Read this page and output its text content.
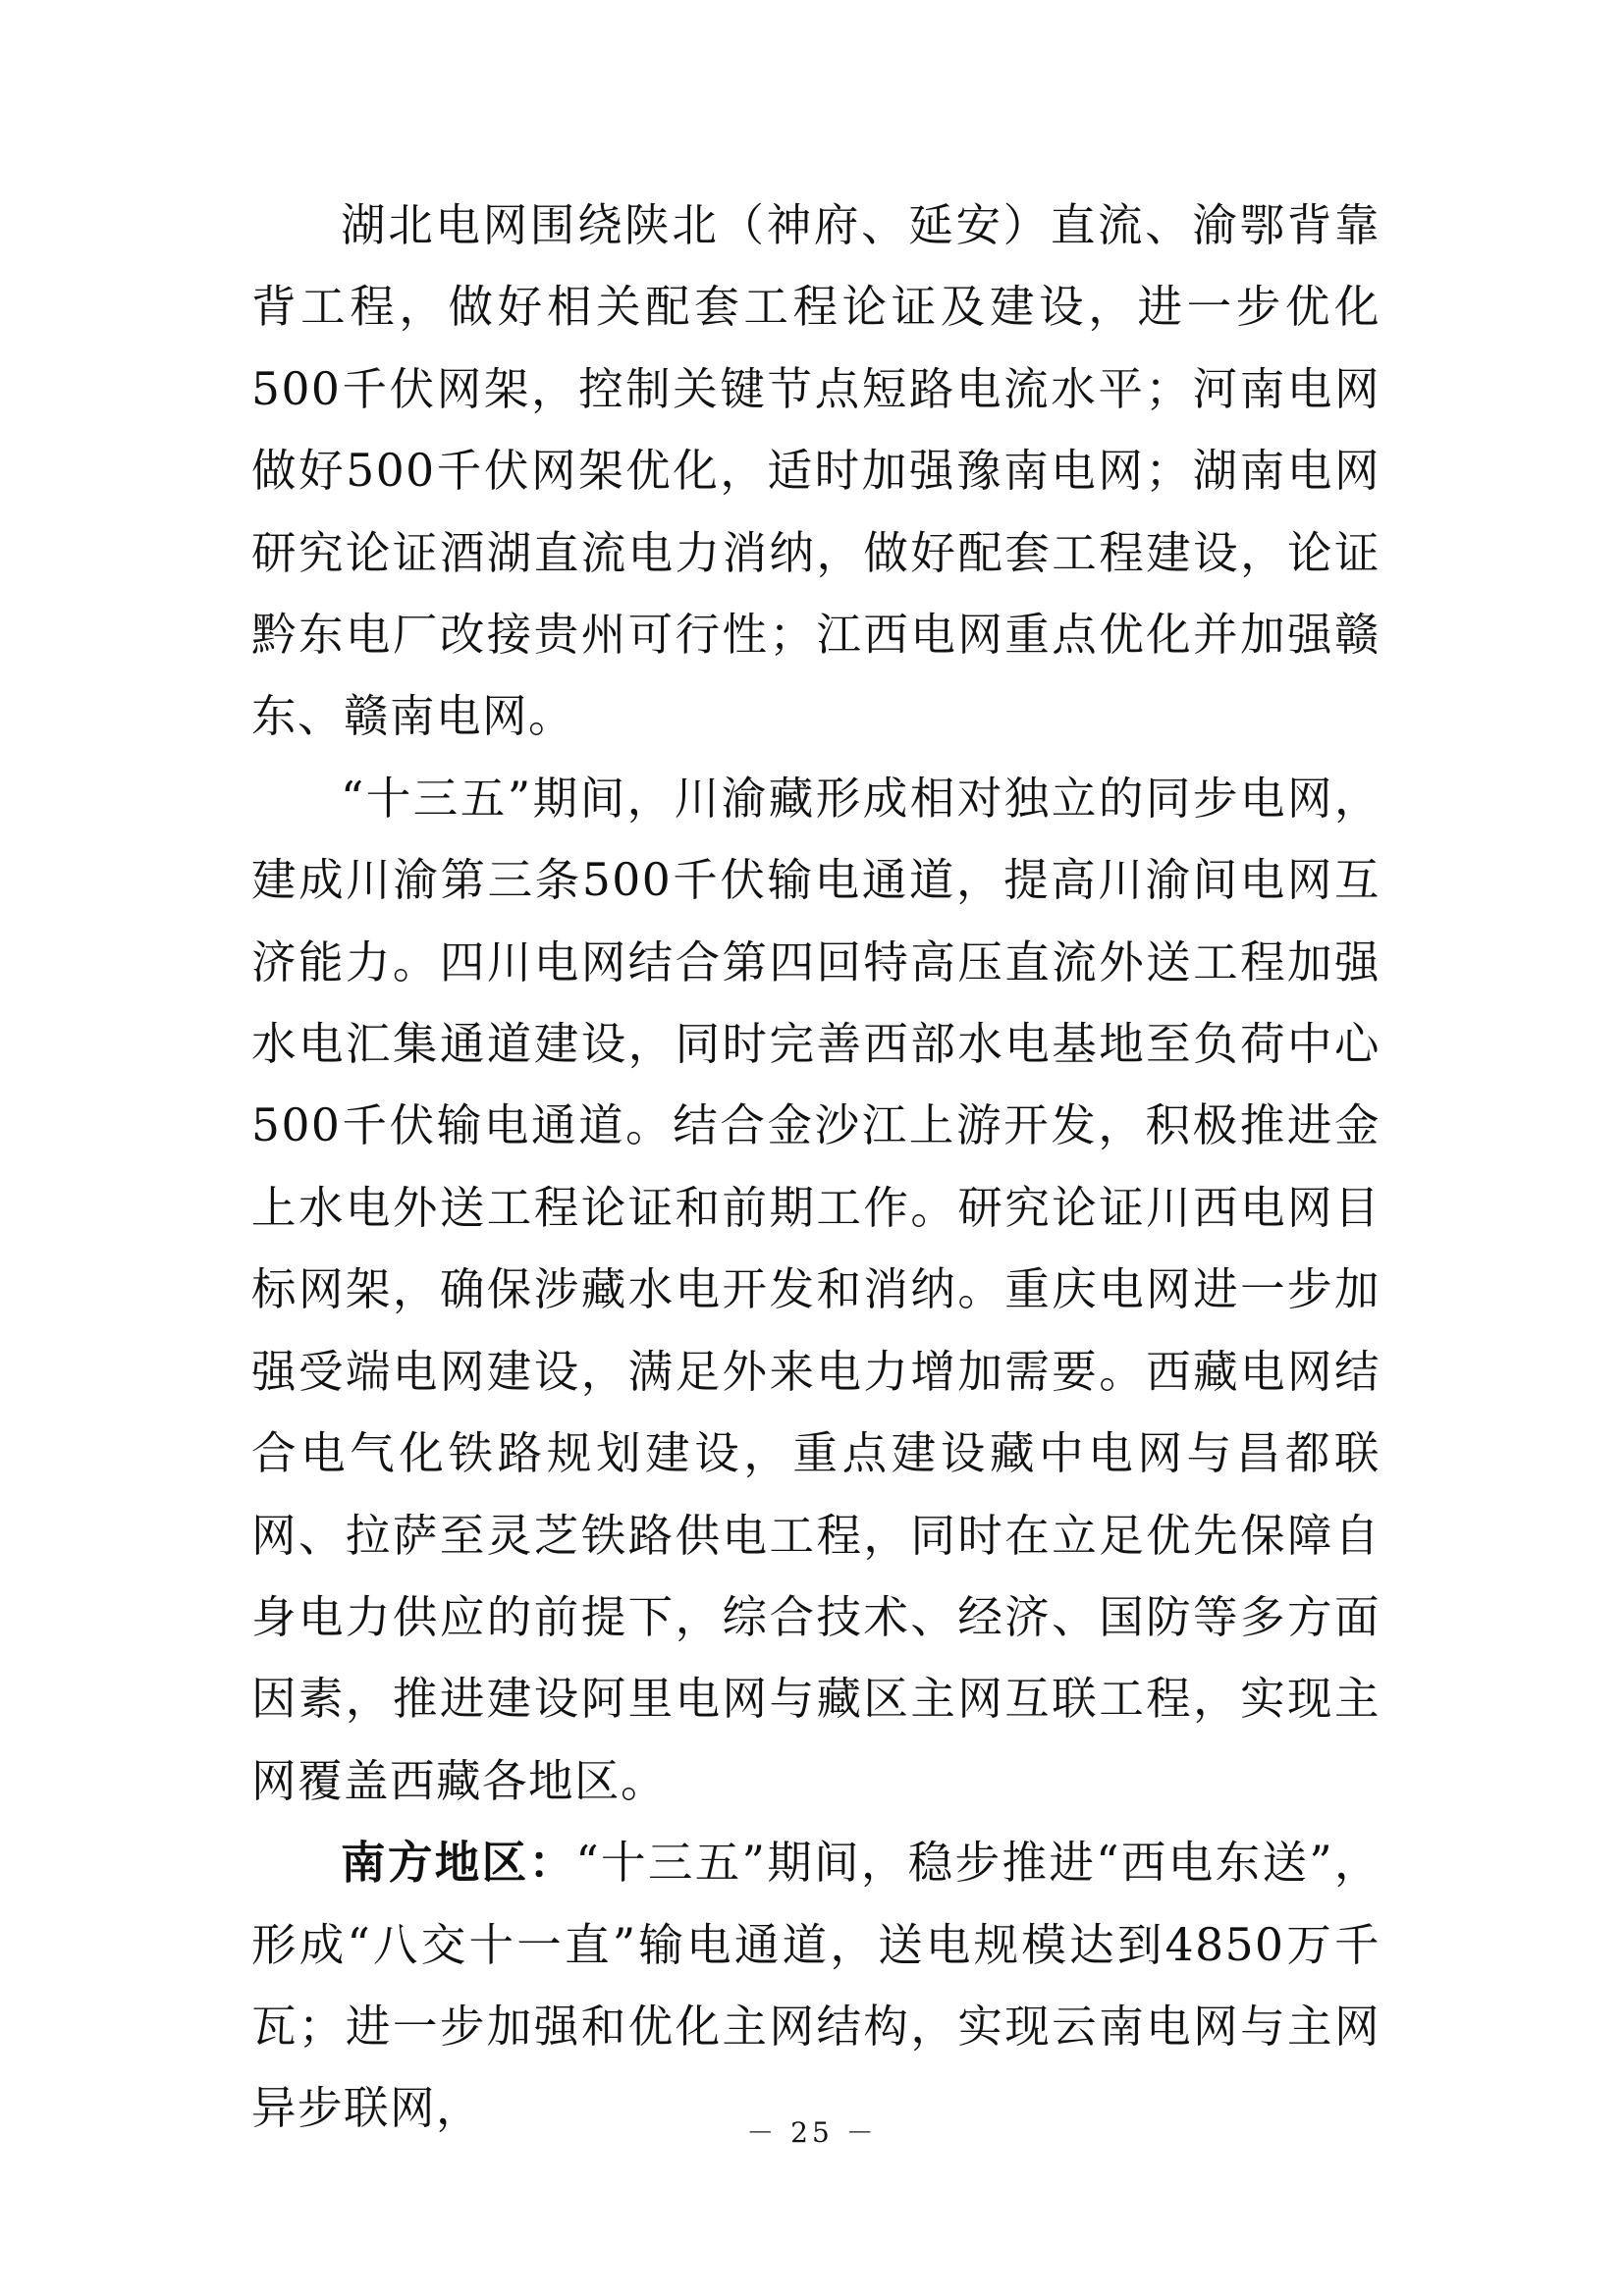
湖北电网围绕陕北（神府、延安）直流、渝鄂背靠背工程，做好相关配套工程论证及建设，进一步优化500千伏网架，控制关键节点短路电流水平；河南电网做好500千伏网架优化，适时加强豫南电网；湖南电网研究论证酒湖直流电力消纳，做好配套工程建设，论证黔东电厂改接贵州可行性；江西电网重点优化并加强赣东、赣南电网。

“十三五”期间，川渝藏形成相对独立的同步电网，建成川渝第三条500千伏输电通道，提高川渝间电网互济能力。四川电网结合第四回特高压直流外送工程加强水电汇集通道建设，同时完善西部水电基地至负荷中心500千伏输电通道。结合金沙江上游开发，积极推进金上水电外送工程论证和前期工作。研究论证川西电网目标网架，确保涉藏水电开发和消纳。重庆电网进一步加强受端电网建设，满足外来电力增加需要。西藏电网结合电气化铁路规划建设，重点建设藏中电网与昌都联网、拉萨至灵芝铁路供电工程，同时在立足优先保障自身电力供应的前提下，综合技术、经济、国防等多方面因素，推进建设阿里电网与藏区主网互联工程，实现主网覆盖西藏各地区。

南方地区：“十三五”期间，稳步推进“西电东送”，形成“八交十一直”输电通道，送电规模达到4850万千瓦；进一步加强和优化主网结构，实现云南电网与主网异步联网，	－ 25 －
